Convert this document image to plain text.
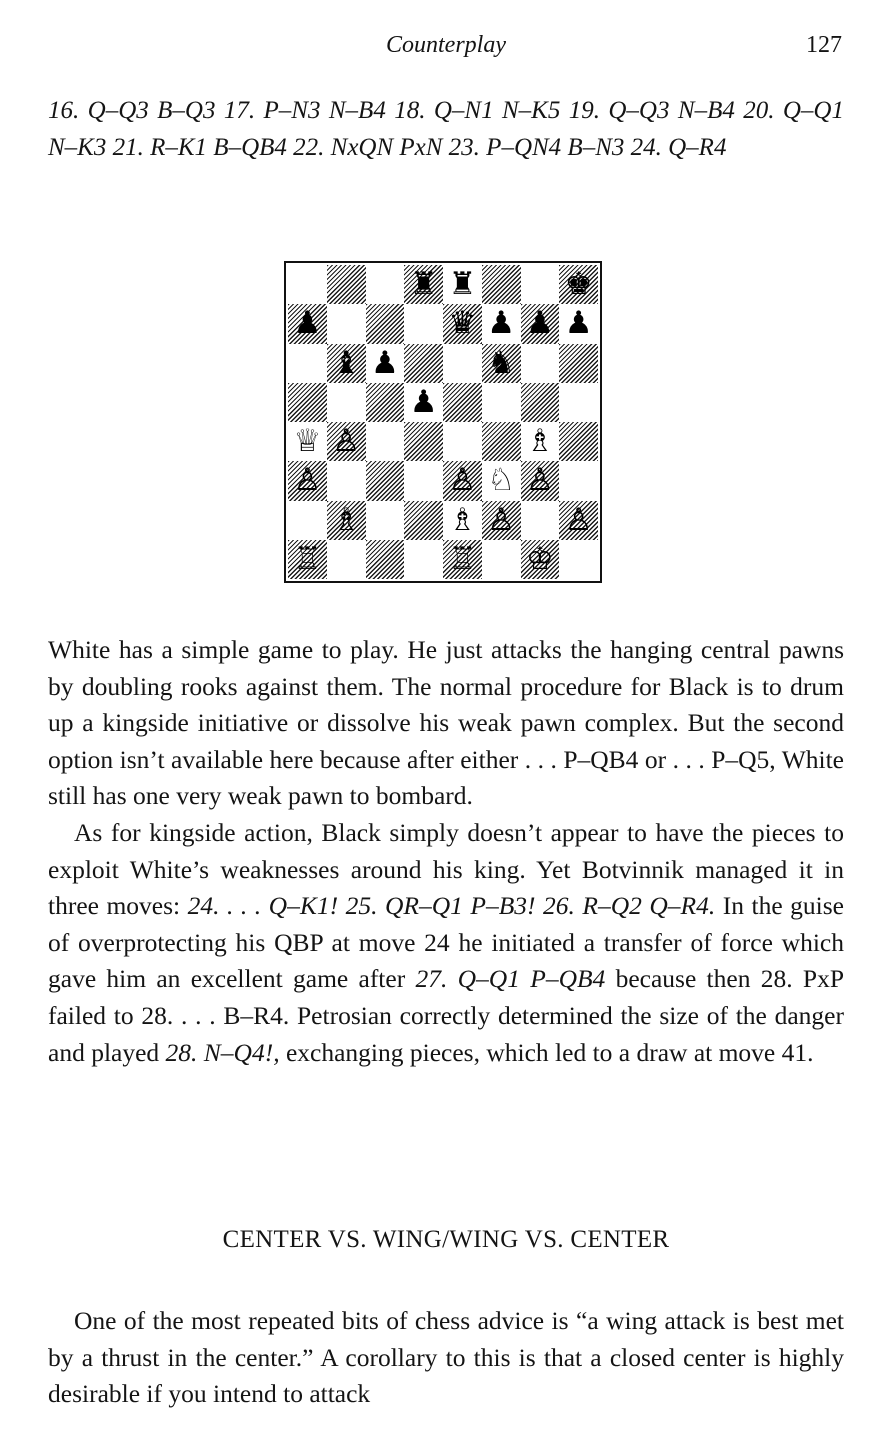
Counterplay	127
16. Q–Q3 B–Q3 17. P–N3 N–B4 18. Q–N1 N–K5 19. Q–Q3 N–B4 20. Q–Q1 N–K3 21. R–K1 B–QB4 22. NxQN PxN 23. P–QN4 B–N3 24. Q–R4
♜ ♜	♚
♟	♛ ♟ ♟ ♟
♝ ♟	♞
♟
♕ ♙	♗
♙	♙ ♘ ♙
♗	♗ ♙ ♙
♖	♖ ♔

White has a simple game to play. He just attacks the hanging central pawns by doubling rooks against them. The normal procedure for Black is to drum up a kingside initiative or dissolve his weak pawn complex. But the second option isn’t available here because after either . . . P–QB4 or . . . P–Q5, White still has one very weak pawn to bombard.

As for kingside action, Black simply doesn’t appear to have the pieces to exploit White’s weaknesses around his king. Yet Botvinnik managed it in three moves: 24. . . . Q–K1! 25. QR–Q1 P–B3! 26. R–Q2 Q–R4. In the guise of overprotecting his QBP at move 24 he initiated a transfer of force which gave him an excellent game after 27. Q–Q1 P–QB4 because then 28. PxP failed to 28. . . . B–R4. Petrosian correctly determined the size of the danger and played 28. N–Q4!, exchanging pieces, which led to a draw at move 41.

CENTER VS. WING/WING VS. CENTER

One of the most repeated bits of chess advice is “a wing attack is best met by a thrust in the center.” A corollary to this is that a closed center is highly desirable if you intend to attack
